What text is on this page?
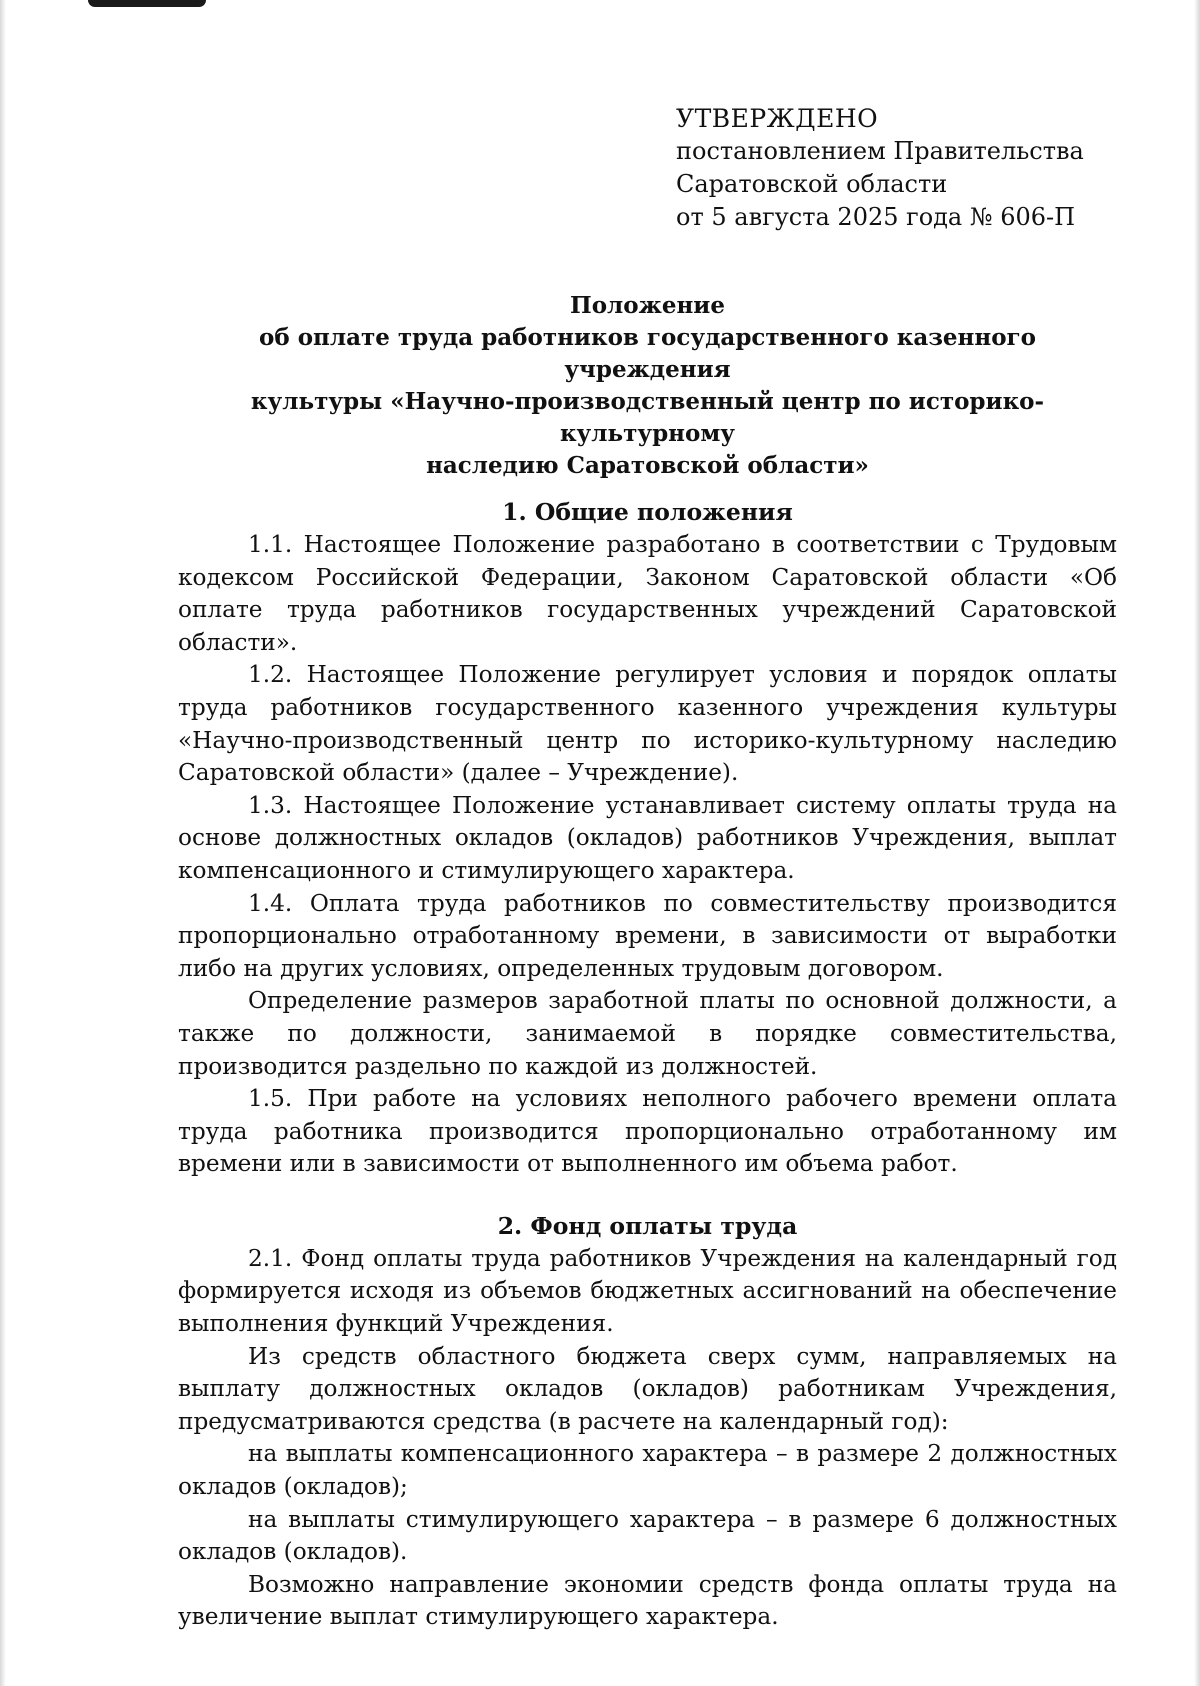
УТВЕРЖДЕНО
постановлением Правительства
Саратовской области
от 5 августа 2025 года № 606-П
Положение
об оплате труда работников государственного казенного учреждения
культуры «Научно-производственный центр по историко-культурному
наследию Саратовской области»
1. Общие положения

1.1. Настоящее Положение разработано в соответствии с Трудовым кодексом Российской Федерации, Законом Саратовской области «Об оплате труда работников государственных учреждений Саратовской области».

1.2. Настоящее Положение регулирует условия и порядок оплаты труда работников государственного казенного учреждения культуры «Научно-производственный центр по историко-культурному наследию Саратовской области» (далее – Учреждение).

1.3. Настоящее Положение устанавливает систему оплаты труда на основе должностных окладов (окладов) работников Учреждения, выплат компенсационного и стимулирующего характера.

1.4. Оплата труда работников по совместительству производится пропорционально отработанному времени, в зависимости от выработки либо на других условиях, определенных трудовым договором.

Определение размеров заработной платы по основной должности, а также по должности, занимаемой в порядке совместительства, производится раздельно по каждой из должностей.

1.5. При работе на условиях неполного рабочего времени оплата труда работника производится пропорционально отработанному им времени или в зависимости от выполненного им объема работ.

2. Фонд оплаты труда

2.1. Фонд оплаты труда работников Учреждения на календарный год формируется исходя из объемов бюджетных ассигнований на обеспечение выполнения функций Учреждения.

Из средств областного бюджета сверх сумм, направляемых на выплату должностных окладов (окладов) работникам Учреждения, предусматриваются средства (в расчете на календарный год):

на выплаты компенсационного характера – в размере 2 должностных окладов (окладов);

на выплаты стимулирующего характера – в размере 6 должностных окладов (окладов).

Возможно направление экономии средств фонда оплаты труда на увеличение выплат стимулирующего характера.
